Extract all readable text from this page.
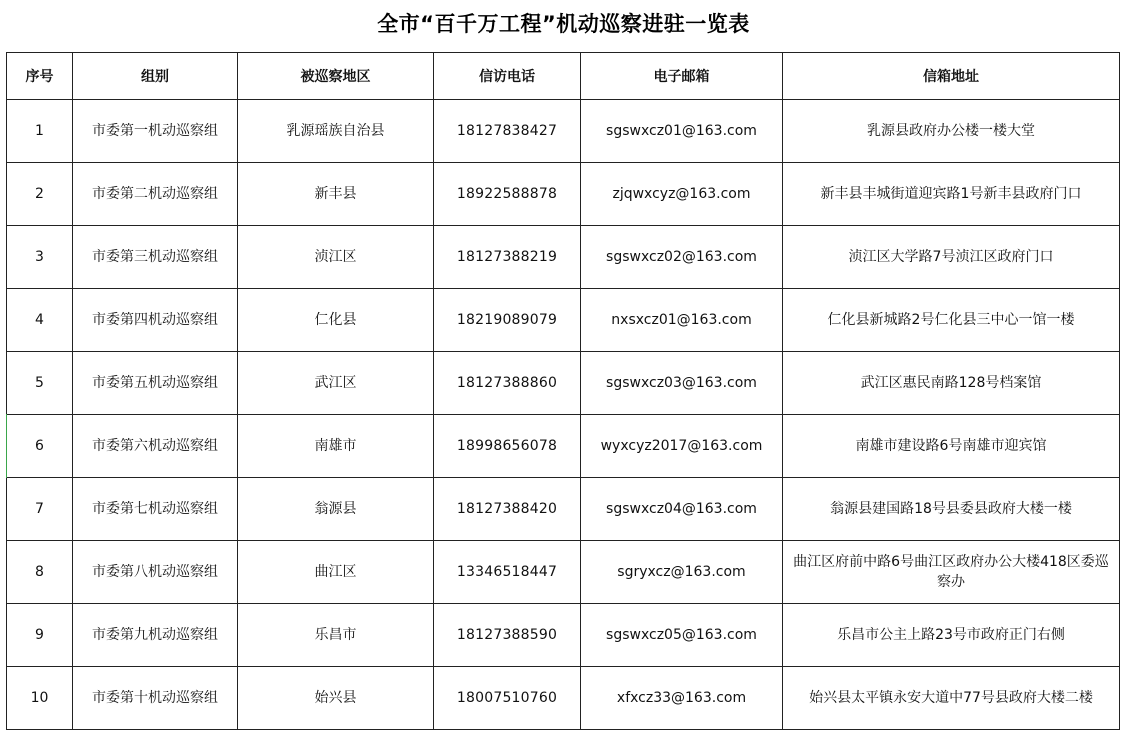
全市“百千万工程”机动巡察进驻一览表
序号	组别	被巡察地区	信访电话	电子邮箱	信箱地址
1	市委第一机动巡察组	乳源瑶族自治县	18127838427	sgswxcz01@163.com	乳源县政府办公楼一楼大堂
2	市委第二机动巡察组	新丰县	18922588878	zjqwxcyz@163.com	新丰县丰城街道迎宾路1号新丰县政府门口
3	市委第三机动巡察组	浈江区	18127388219	sgswxcz02@163.com	浈江区大学路7号浈江区政府门口
4	市委第四机动巡察组	仁化县	18219089079	nxsxcz01@163.com	仁化县新城路2号仁化县三中心一馆一楼
5	市委第五机动巡察组	武江区	18127388860	sgswxcz03@163.com	武江区惠民南路128号档案馆
6	市委第六机动巡察组	南雄市	18998656078	wyxcyz2017@163.com	南雄市建设路6号南雄市迎宾馆
7	市委第七机动巡察组	翁源县	18127388420	sgswxcz04@163.com	翁源县建国路18号县委县政府大楼一楼
8	市委第八机动巡察组	曲江区	13346518447	sgryxcz@163.com	曲江区府前中路6号曲江区政府办公大楼418区委巡察办
9	市委第九机动巡察组	乐昌市	18127388590	sgswxcz05@163.com	乐昌市公主上路23号市政府正门右侧
10	市委第十机动巡察组	始兴县	18007510760	xfxcz33@163.com	始兴县太平镇永安大道中77号县政府大楼二楼
